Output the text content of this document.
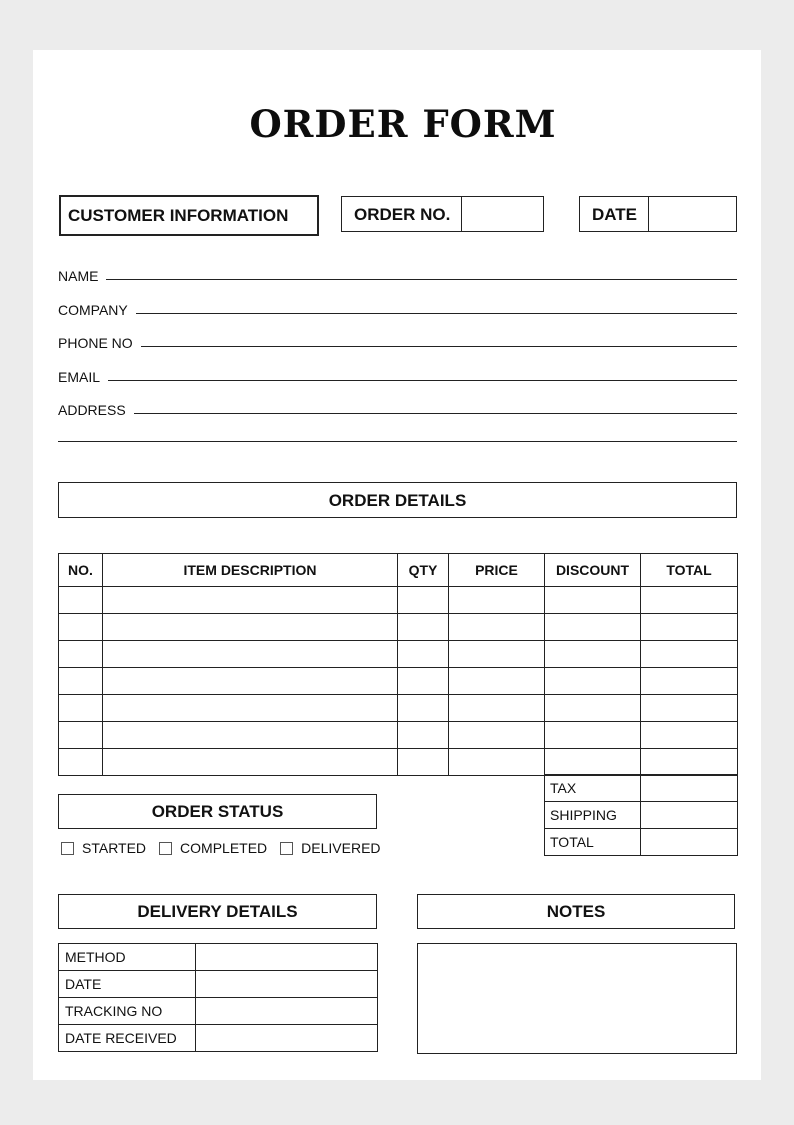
ORDER FORM
CUSTOMER INFORMATION	ORDER NO.	DATE
NAME
COMPANY
PHONE NO
EMAIL
ADDRESS
ORDER DETAILS
NO.	ITEM DESCRIPTION	QTY	PRICE	DISCOUNT	TOTAL

TAX	
SHIPPING	
TOTAL	
ORDER STATUS
STARTED COMPLETED DELIVERED
DELIVERY DETAILS	NOTES
METHOD	
DATE	
TRACKING NO	
DATE RECEIVED	
